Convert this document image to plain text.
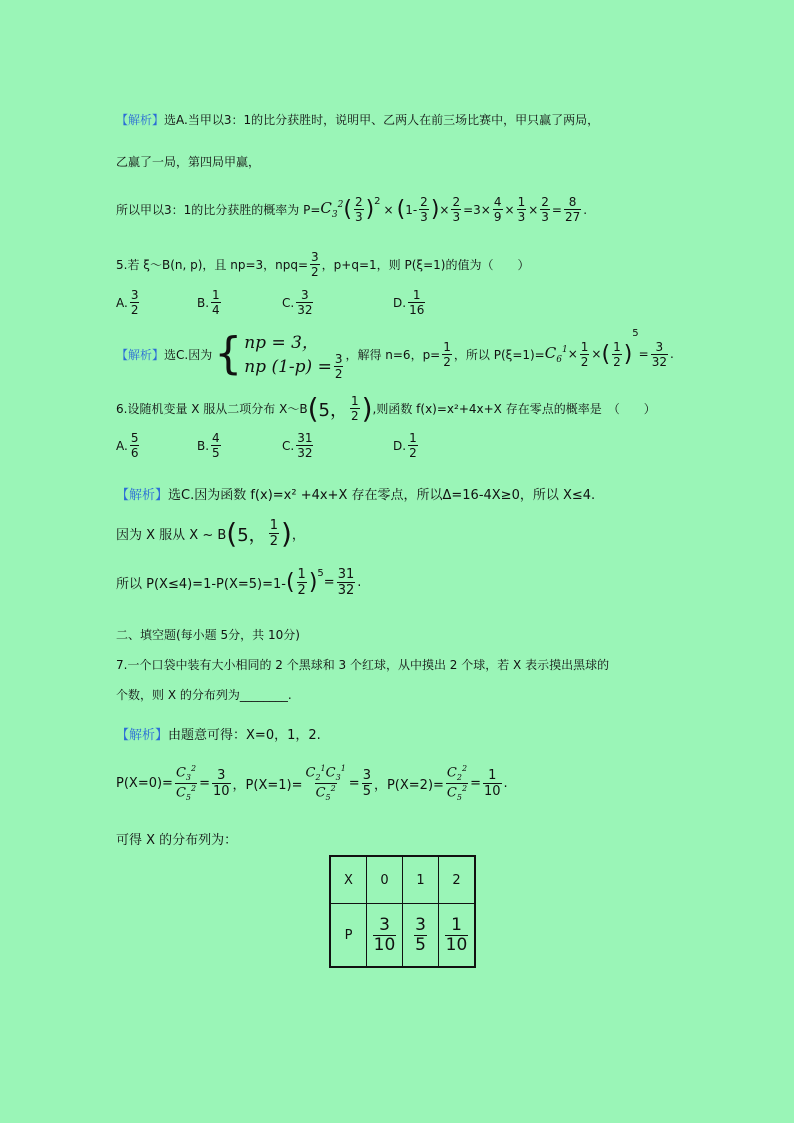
【解析】选A.当甲以3：1的比分获胜时，说明甲、乙两人在前三场比赛中，甲只赢了两局，
乙赢了一局，第四局甲赢，
所以甲以3：1的比分获胜的概率为 $P= C_3^2$ ( $\frac{2}{3} )^2$
× ( $1- \frac{2}{3}$ ) × $\frac{2}{3} =3\times \frac{4}{9} \times \frac{1}{3} \times \frac{2}{3} = \frac{8}{27}$ .
5.若 ξ～B(n, p)，且 np=3，$npq= \frac{3}{2}$ ，p+q=1，则 P(ξ=1)的值为（　　）
A. $\frac{3}{2}$	B. $\frac{1}{4}$	C. $\frac{3}{32}$	D. $\frac{1}{16}$
【解析】 选C.因为 { np = 3，
np $(1-p) = \frac{3}{2}$ ，解得 n=6，$p= \frac{1}{2}$ ，所以 $P(\xi=1)= C_6^1 \times \frac{1}{2}$ × ( $\frac{1}{2}$ )
5
= $\frac{3}{32}$ .
6.设随机变量 X 服从二项分布 X～B ( 5， $\frac{1}{2}$ ) ,则函数 f(x)=x²+4x+X 存在零点的概率是　（　　）
A. $\frac{5}{6}$	B. $\frac{4}{5}$	C. $\frac{31}{32}$	D. $\frac{1}{2}$
【解析】选C.因为函数 f(x)=x² +4x+X 存在零点，所以Δ=16-4X≥0，所以 X≤4.
因为 X 服从 X ~ B ( 5， $\frac{1}{2}$ ) ，
所以 P(X≤4)=1-P(X=5)=1- ( $\frac{1}{2} )^5$
= $\frac{31}{32}$ .
二、填空题(每小题 5分，共 10分)
7.一个口袋中装有大小相同的 2 个黑球和 3 个红球，从中摸出 2 个球，若 X 表示摸出黑球的
个数，则 X 的分布列为________.
【解析】由题意可得：X=0，1，2.
$P(X=0)= \frac{C_3^2}{C_5^2} = \frac{3}{10}$ ，$P(X=1)= \frac{C_2^1C_3^1}{C_5^2} = \frac{3}{5}$ ，$P(X=2)= \frac{C_2^2}{C_5^2} = \frac{1}{10}$ .
可得 X 的分布列为：
X	0	1	2
P	$\frac{3}{10}$	$\frac{3}{5}$	$\frac{1}{10}$
